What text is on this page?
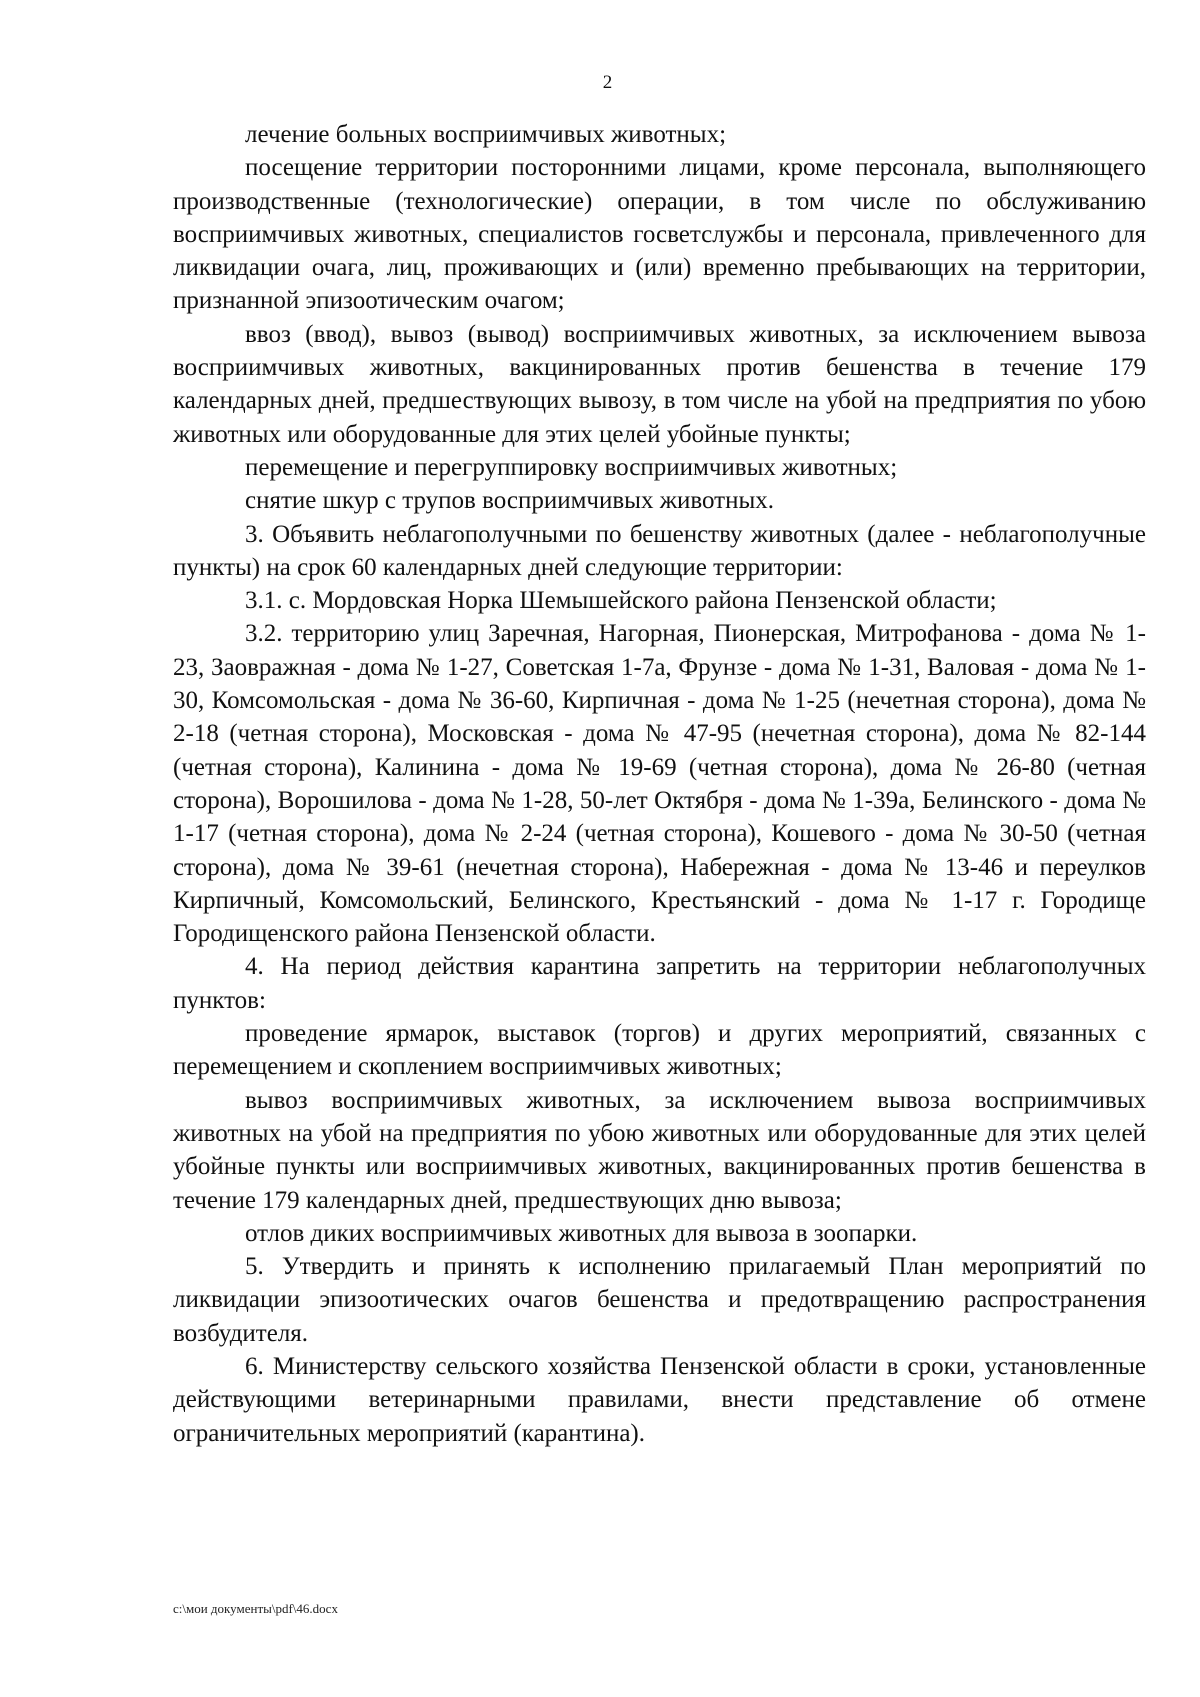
2

лечение больных восприимчивых животных;

посещение территории посторонними лицами, кроме персонала, выполняющего производственные (технологические) операции, в том числе по обслуживанию восприимчивых животных, специалистов госветслужбы и персонала, привлеченного для ликвидации очага, лиц, проживающих и (или) временно пребывающих на территории, признанной эпизоотическим очагом;

ввоз (ввод), вывоз (вывод) восприимчивых животных, за исключением вывоза восприимчивых животных, вакцинированных против бешенства в течение 179 календарных дней, предшествующих вывозу, в том числе на убой на предприятия по убою животных или оборудованные для этих целей убойные пункты;

перемещение и перегруппировку восприимчивых животных;

снятие шкур с трупов восприимчивых животных.

3. Объявить неблагополучными по бешенству животных (далее - неблагополучные пункты) на срок 60 календарных дней следующие территории:

3.1. с. Мордовская Норка Шемышейского района Пензенской области;

3.2. территорию улиц Заречная, Нагорная, Пионерская, Митрофанова - дома № 1-23, Заовражная - дома № 1-27, Советская 1-7а, Фрунзе - дома № 1-31, Валовая - дома № 1-30, Комсомольская - дома № 36-60, Кирпичная - дома № 1-25 (нечетная сторона), дома № 2-18 (четная сторона), Московская - дома № 47-95 (нечетная сторона), дома № 82-144 (четная сторона), Калинина - дома № 19-69 (четная сторона), дома № 26-80 (четная сторона), Ворошилова - дома № 1-28, 50-лет Октября - дома № 1-39а, Белинского - дома № 1-17 (четная сторона), дома № 2-24 (четная сторона), Кошевого - дома № 30-50 (четная сторона), дома № 39-61 (нечетная сторона), Набережная - дома № 13-46 и переулков Кирпичный, Комсомольский, Белинского, Крестьянский - дома № 1-17 г. Городище Городищенского района Пензенской области.

4. На период действия карантина запретить на территории неблагополучных пунктов:

проведение ярмарок, выставок (торгов) и других мероприятий, связанных с перемещением и скоплением восприимчивых животных;

вывоз восприимчивых животных, за исключением вывоза восприимчивых животных на убой на предприятия по убою животных или оборудованные для этих целей убойные пункты или восприимчивых животных, вакцинированных против бешенства в течение 179 календарных дней, предшествующих дню вывоза;

отлов диких восприимчивых животных для вывоза в зоопарки.

5. Утвердить и принять к исполнению прилагаемый План мероприятий по ликвидации эпизоотических очагов бешенства и предотвращению распространения возбудителя.

6. Министерству сельского хозяйства Пензенской области в сроки, установленные действующими ветеринарными правилами, внести представление об отмене ограничительных мероприятий (карантина).

c:\мои документы\pdf\46.docx
